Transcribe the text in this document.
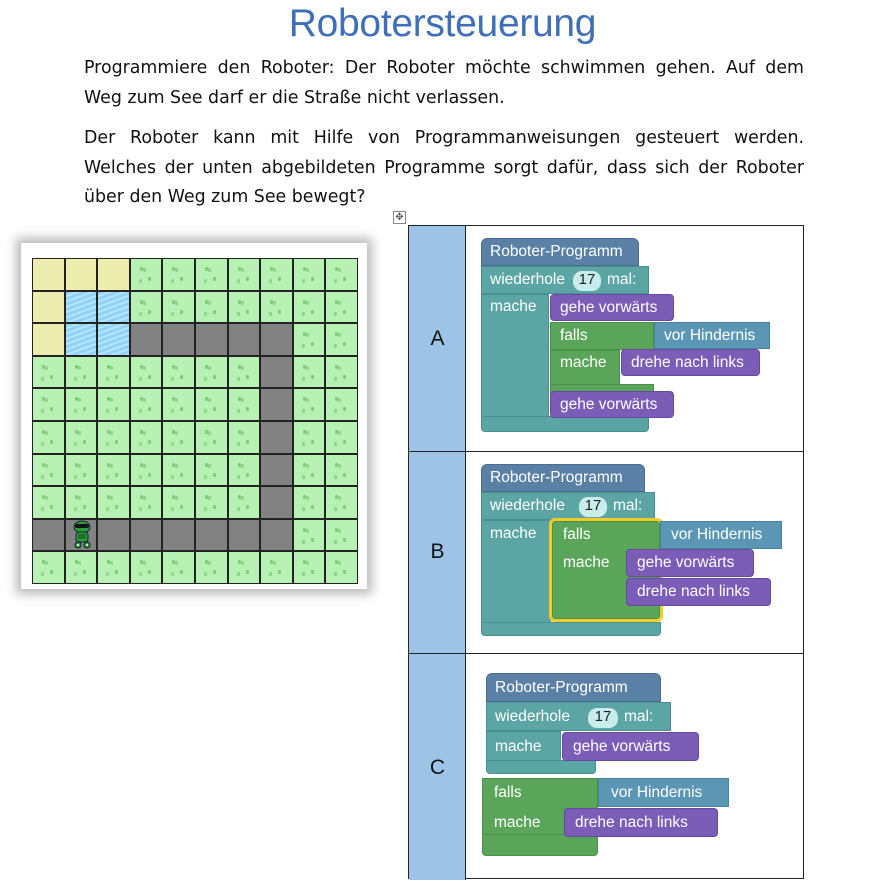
Robotersteuerung

Programmiere den Roboter: Der Roboter möchte schwimmen gehen. Auf dem Weg zum See darf er die Straße nicht verlassen.

Der Roboter kann mit Hilfe von Programmanweisungen gesteuert werden. Welches der unten abgebildeten Programme sorgt dafür, dass sich der Roboter über den Weg zum See bewegt?

✥
A
Roboter-Programm
wiederhole 17 mal:
mache gehe vorwärts
falls	vor Hindernis
mache drehe nach links
gehe vorwärts
B
Roboter-Programm
wiederhole	17 mal:
mache falls
mache
vor Hindernis
gehe vorwärts
drehe nach links
C
Roboter-Programm
wiederhole	17 mal:
mache gehe vorwärts
falls
mache
vor Hindernis
drehe nach links
